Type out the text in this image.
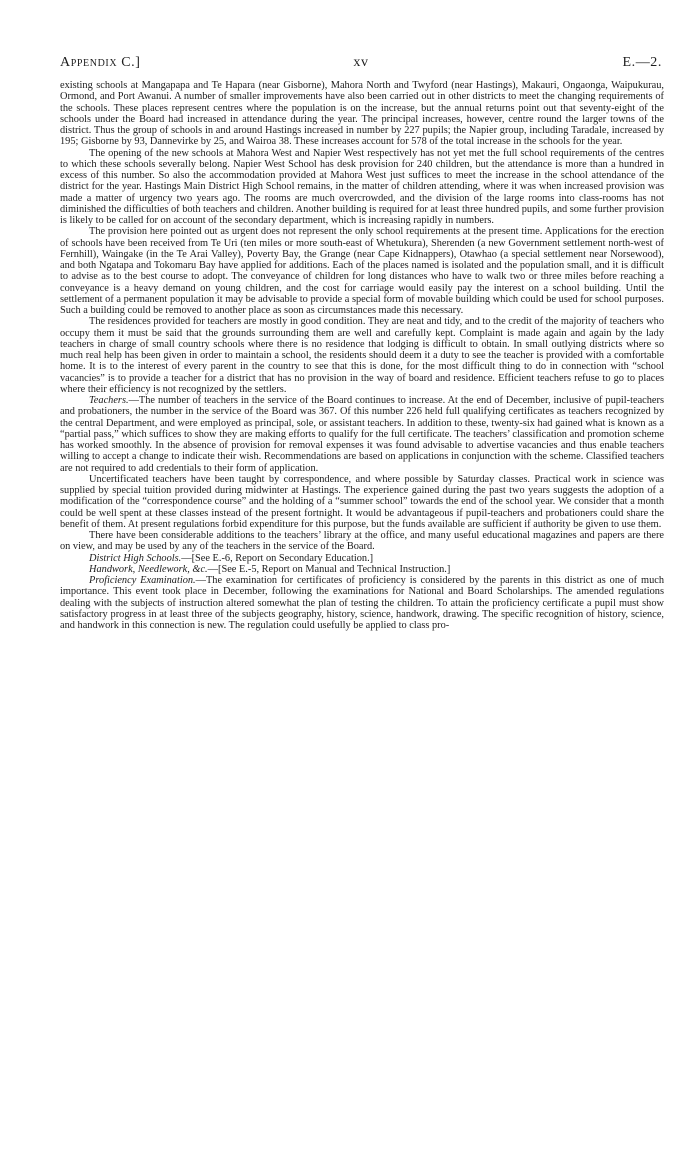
Appendix C.]	xv	E.—2.

existing schools at Mangapapa and Te Hapara (near Gisborne), Mahora North and Twyford (near Hastings), Makauri, Ongaonga, Waipukurau, Ormond, and Port Awanui. A number of smaller improvements have also been carried out in other districts to meet the changing requirements of the schools. These places represent centres where the population is on the increase, but the annual returns point out that seventy-eight of the schools under the Board had increased in attendance during the year. The principal increases, however, centre round the larger towns of the district. Thus the group of schools in and around Hastings increased in number by 227 pupils; the Napier group, including Taradale, increased by 195; Gisborne by 93, Dannevirke by 25, and Wairoa 38. These increases account for 578 of the total increase in the schools for the year.

The opening of the new schools at Mahora West and Napier West respectively has not yet met the full school requirements of the centres to which these schools severally belong. Napier West School has desk provision for 240 children, but the attendance is more than a hundred in excess of this number. So also the accommodation provided at Mahora West just suffices to meet the increase in the school attendance of the district for the year. Hastings Main District High School remains, in the matter of children attending, where it was when increased provision was made a matter of urgency two years ago. The rooms are much overcrowded, and the division of the large rooms into class-rooms has not diminished the difficulties of both teachers and children. Another building is required for at least three hundred pupils, and some further provision is likely to be called for on account of the secondary department, which is increasing rapidly in numbers.

The provision here pointed out as urgent does not represent the only school requirements at the present time. Applications for the erection of schools have been received from Te Uri (ten miles or more south-east of Whetukura), Sherenden (a new Government settlement north-west of Fernhill), Waingake (in the Te Arai Valley), Poverty Bay, the Grange (near Cape Kidnappers), Otawhao (a special settlement near Norsewood), and both Ngatapa and Tokomaru Bay have applied for additions. Each of the places named is isolated and the population small, and it is difficult to advise as to the best course to adopt. The conveyance of children for long distances who have to walk two or three miles before reaching a conveyance is a heavy demand on young children, and the cost for carriage would easily pay the interest on a school building. Until the settlement of a permanent population it may be advisable to provide a special form of movable building which could be used for school purposes. Such a building could be removed to another place as soon as circumstances made this necessary.

The residences provided for teachers are mostly in good condition. They are neat and tidy, and to the credit of the majority of teachers who occupy them it must be said that the grounds surrounding them are well and carefully kept. Complaint is made again and again by the lady teachers in charge of small country schools where there is no residence that lodging is difficult to obtain. In small outlying districts where so much real help has been given in order to maintain a school, the residents should deem it a duty to see the teacher is provided with a comfortable home. It is to the interest of every parent in the country to see that this is done, for the most difficult thing to do in connection with “school vacancies” is to provide a teacher for a district that has no provision in the way of board and residence. Efficient teachers refuse to go to places where their efficiency is not recognized by the settlers.

Teachers.—The number of teachers in the service of the Board continues to increase. At the end of December, inclusive of pupil-teachers and probationers, the number in the service of the Board was 367. Of this number 226 held full qualifying certificates as teachers recognized by the central Department, and were employed as principal, sole, or assistant teachers. In addition to these, twenty-six had gained what is known as a “partial pass,” which suffices to show they are making efforts to qualify for the full certificate. The teachers’ classification and promotion scheme has worked smoothly. In the absence of provision for removal expenses it was found advisable to advertise vacancies and thus enable teachers willing to accept a change to indicate their wish. Recommendations are based on applications in conjunction with the scheme. Classified teachers are not required to add credentials to their form of application.

Uncertificated teachers have been taught by correspondence, and where possible by Saturday classes. Practical work in science was supplied by special tuition provided during midwinter at Hastings. The experience gained during the past two years suggests the adoption of a modification of the “correspondence course” and the holding of a “summer school” towards the end of the school year. We consider that a month could be well spent at these classes instead of the present fortnight. It would be advantageous if pupil-teachers and probationers could share the benefit of them. At present regulations forbid expenditure for this purpose, but the funds available are sufficient if authority be given to use them.

There have been considerable additions to the teachers’ library at the office, and many useful educational magazines and papers are there on view, and may be used by any of the teachers in the service of the Board.

District High Schools.—[See E.-6, Report on Secondary Education.]

Handwork, Needlework, &c.—[See E.-5, Report on Manual and Technical Instruction.]

Proficiency Examination.—The examination for certificates of proficiency is considered by the parents in this district as one of much importance. This event took place in December, following the examinations for National and Board Scholarships. The amended regulations dealing with the subjects of instruction altered somewhat the plan of testing the children. To attain the proficiency certificate a pupil must show satisfactory progress in at least three of the subjects geography, history, science, handwork, drawing. The specific recognition of history, science, and handwork in this connection is new. The regulation could usefully be applied to class pro-
